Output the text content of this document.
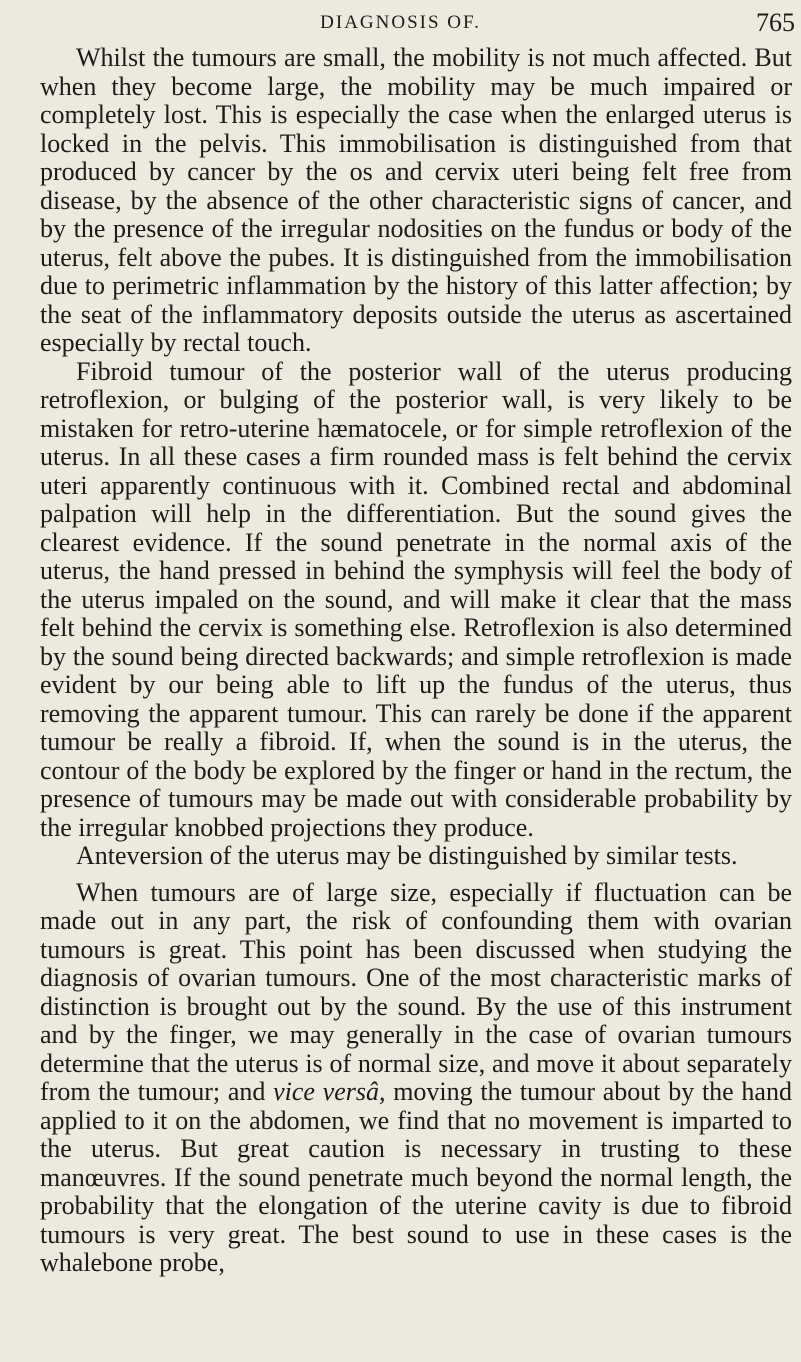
DIAGNOSIS OF.	765

Whilst the tumours are small, the mobility is not much affected. But when they become large, the mobility may be much impaired or completely lost. This is especially the case when the enlarged uterus is locked in the pelvis. This immobilisation is distinguished from that produced by cancer by the os and cervix uteri being felt free from disease, by the absence of the other characteristic signs of cancer, and by the presence of the irregular nodosities on the fundus or body of the uterus, felt above the pubes. It is distinguished from the immobilisation due to perimetric inflammation by the history of this latter affection; by the seat of the inflammatory deposits outside the uterus as ascertained especially by rectal touch.

Fibroid tumour of the posterior wall of the uterus producing retroflexion, or bulging of the posterior wall, is very likely to be mistaken for retro-uterine hæmatocele, or for simple retroflexion of the uterus. In all these cases a firm rounded mass is felt behind the cervix uteri apparently continuous with it. Combined rectal and abdominal palpation will help in the differentiation. But the sound gives the clearest evidence. If the sound penetrate in the normal axis of the uterus, the hand pressed in behind the symphysis will feel the body of the uterus impaled on the sound, and will make it clear that the mass felt behind the cervix is something else. Retroflexion is also determined by the sound being directed backwards; and simple retroflexion is made evident by our being able to lift up the fundus of the uterus, thus removing the apparent tumour. This can rarely be done if the apparent tumour be really a fibroid. If, when the sound is in the uterus, the contour of the body be explored by the finger or hand in the rectum, the presence of tumours may be made out with considerable probability by the irregular knobbed projections they produce.

Anteversion of the uterus may be distinguished by similar tests.

When tumours are of large size, especially if fluctuation can be made out in any part, the risk of confounding them with ovarian tumours is great. This point has been discussed when studying the diagnosis of ovarian tumours. One of the most characteristic marks of distinction is brought out by the sound. By the use of this instrument and by the finger, we may generally in the case of ovarian tumours determine that the uterus is of normal size, and move it about separately from the tumour; and vice versâ, moving the tumour about by the hand applied to it on the abdomen, we find that no movement is imparted to the uterus. But great caution is necessary in trusting to these manœuvres. If the sound penetrate much beyond the normal length, the probability that the elongation of the uterine cavity is due to fibroid tumours is very great. The best sound to use in these cases is the whalebone probe,
